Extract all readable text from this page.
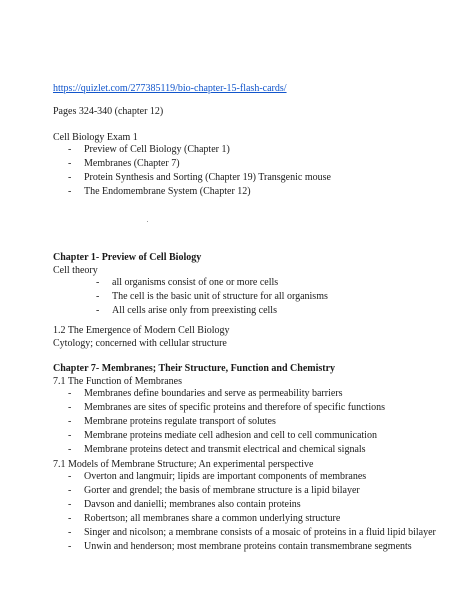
https://quizlet.com/277385119/bio-chapter-15-flash-cards/
Pages 324-340 (chapter 12)
Cell Biology Exam 1
- Preview of Cell Biology (Chapter 1)
- Membranes (Chapter 7)
- Protein Synthesis and Sorting (Chapter 19) Transgenic mouse
- The Endomembrane System (Chapter 12)
Chapter 1- Preview of Cell Biology
Cell theory
- all organisms consist of one or more cells
- The cell is the basic unit of structure for all organisms
- All cells arise only from preexisting cells
1.2 The Emergence of Modern Cell Biology
Cytology; concerned with cellular structure
Chapter 7- Membranes; Their Structure, Function and Chemistry
7.1 The Function of Membranes
- Membranes define boundaries and serve as permeability barriers
- Membranes are sites of specific proteins and therefore of specific functions
- Membrane proteins regulate transport of solutes
- Membrane proteins mediate cell adhesion and cell to cell communication
- Membrane proteins detect and transmit electrical and chemical signals
7.1 Models of Membrane Structure; An experimental perspective
- Overton and langmuir; lipids are important components of membranes
- Gorter and grendel; the basis of membrane structure is a lipid bilayer
- Davson and danielli; membranes also contain proteins
- Robertson; all membranes share a common underlying structure
- Singer and nicolson; a membrane consists of a mosaic of proteins in a fluid lipid bilayer
- Unwin and henderson; most membrane proteins contain transmembrane segments
